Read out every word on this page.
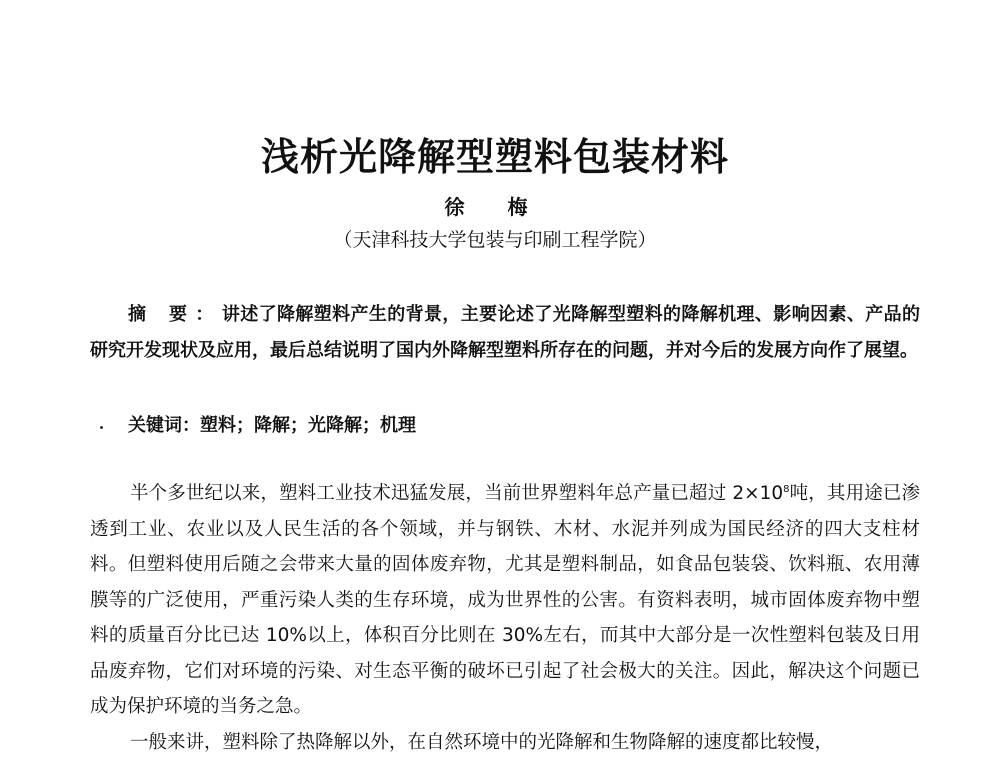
浅析光降解型塑料包装材料
徐 梅
（天津科技大学包装与印刷工程学院）

摘 要：讲述了降解塑料产生的背景，主要论述了光降解型塑料的降解机理、影响因素、产品的研究开发现状及应用，最后总结说明了国内外降解型塑料所存在的问题，并对今后的发展方向作了展望。

关键词：塑料；降解；光降解；机理

半个多世纪以来，塑料工业技术迅猛发展，当前世界塑料年总产量已超过 $2\times 10^8$吨，其用途已渗透到工业、农业以及人民生活的各个领域，并与钢铁、木材、水泥并列成为国民经济的四大支柱材料。但塑料使用后随之会带来大量的固体废弃物，尤其是塑料制品，如食品包装袋、饮料瓶、农用薄膜等的广泛使用，严重污染人类的生存环境，成为世界性的公害。有资料表明，城市固体废弃物中塑料的质量百分比已达 10%以上，体积百分比则在 30%左右，而其中大部分是一次性塑料包装及日用品废弃物，它们对环境的污染、对生态平衡的破坏已引起了社会极大的关注。因此，解决这个问题已成为保护环境的当务之急。

一般来讲，塑料除了热降解以外，在自然环境中的光降解和生物降解的速度都比较慢，
